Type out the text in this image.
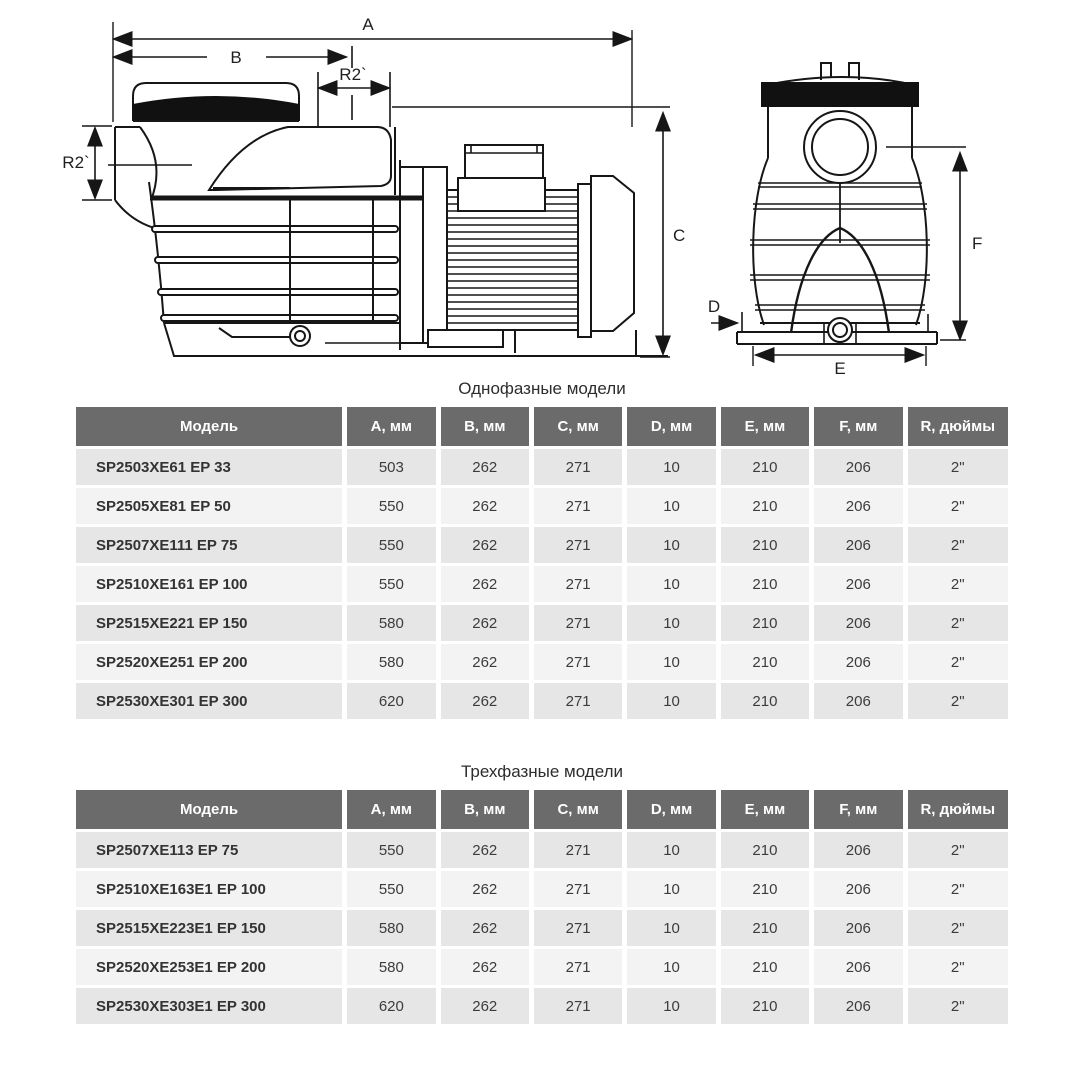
A
B
R2`
R2`
C
D
E
F
Однофазные модели
Модель	A, мм	B, мм	C, мм	D, мм	E, мм	F, мм	R, дюймы
SP2503XE61 EP 33	503	262	271	10	210	206	2"
SP2505XE81 EP 50	550	262	271	10	210	206	2"
SP2507XE111 EP 75	550	262	271	10	210	206	2"
SP2510XE161 EP 100	550	262	271	10	210	206	2"
SP2515XE221 EP 150	580	262	271	10	210	206	2"
SP2520XE251 EP 200	580	262	271	10	210	206	2"
SP2530XE301 EP 300	620	262	271	10	210	206	2"
Трехфазные модели
Модель	A, мм	B, мм	C, мм	D, мм	E, мм	F, мм	R, дюймы
SP2507XE113 EP 75	550	262	271	10	210	206	2"
SP2510XE163E1 EP 100	550	262	271	10	210	206	2"
SP2515XE223E1 EP 150	580	262	271	10	210	206	2"
SP2520XE253E1 EP 200	580	262	271	10	210	206	2"
SP2530XE303E1 EP 300	620	262	271	10	210	206	2"
